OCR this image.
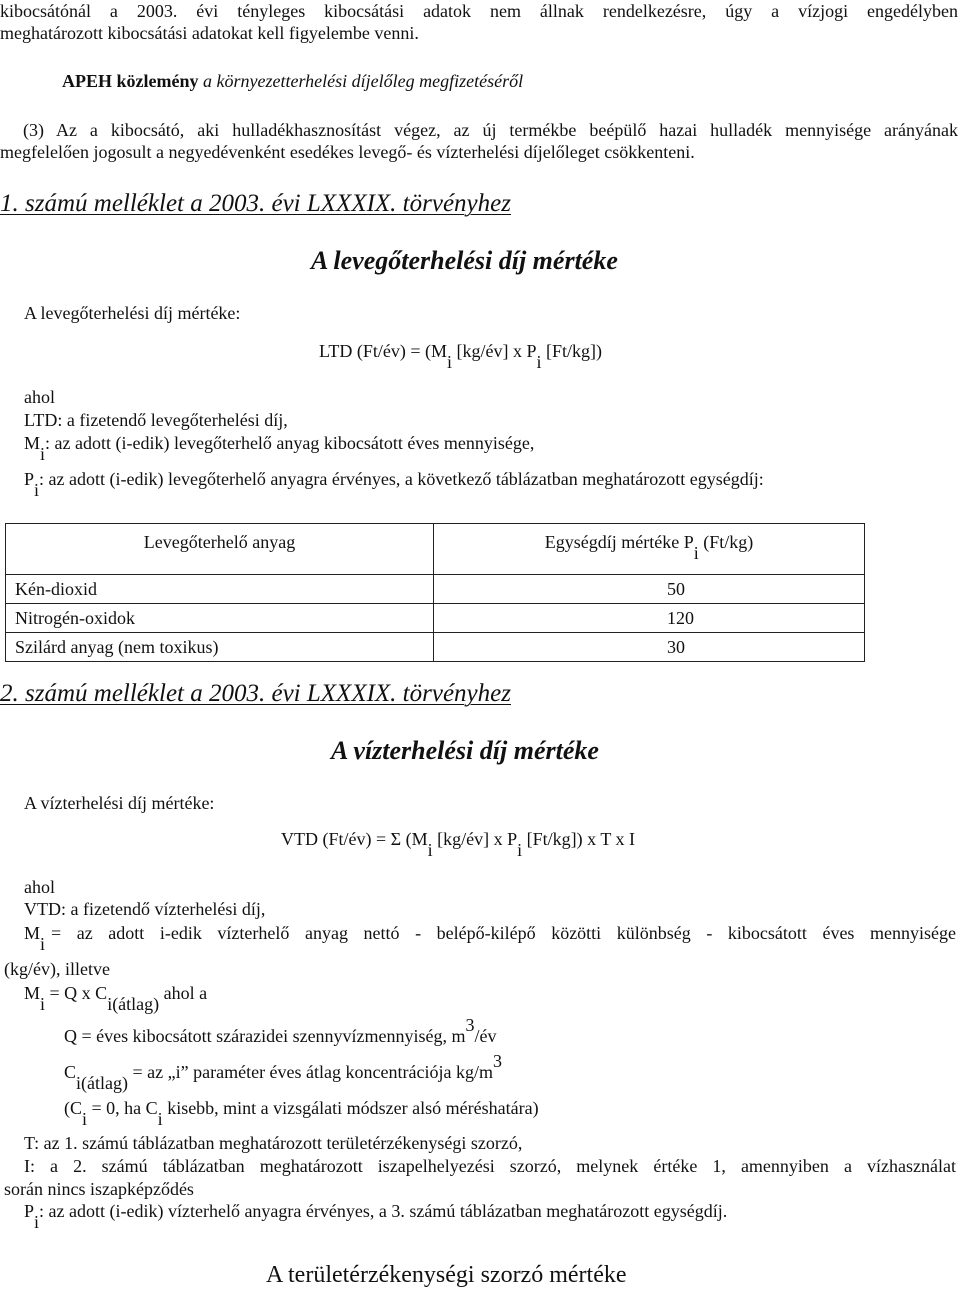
kibocsátónál a 2003. évi tényleges kibocsátási adatok nem állnak rendelkezésre, úgy a vízjogi engedélyben
meghatározott kibocsátási adatokat kell figyelembe venni.
APEH közlemény a környezetterhelési díjelőleg megfizetéséről
(3) Az a kibocsátó, aki hulladékhasznosítást végez, az új termékbe beépülő hazai hulladék mennyisége arányának
megfelelően jogosult a negyedévenként esedékes levegő- és vízterhelési díjelőleget csökkenteni.
1. számú melléklet a 2003. évi LXXXIX. törvényhez
A levegőterhelési díj mértéke
A levegőterhelési díj mértéke:
LTD (Ft/év) = (Mi [kg/év] x Pi [Ft/kg])
ahol
LTD: a fizetendő levegőterhelési díj,
Mi: az adott (i-edik) levegőterhelő anyag kibocsátott éves mennyisége,
Pi: az adott (i-edik) levegőterhelő anyagra érvényes, a következő táblázatban meghatározott egységdíj:
Levegőterhelő anyag	Egységdíj mértéke Pi (Ft/kg)
Kén-dioxid	50
Nitrogén-oxidok	120
Szilárd anyag (nem toxikus)	30
2. számú melléklet a 2003. évi LXXXIX. törvényhez
A vízterhelési díj mértéke
A vízterhelési díj mértéke:
VTD (Ft/év) = Σ (Mi [kg/év] x Pi [Ft/kg]) x T x I
ahol
VTD: a fizetendő vízterhelési díj,
M
i
= az adott i-edik vízterhelő anyag nettó - belépő-kilépő közötti különbség - kibocsátott éves mennyisége
(kg/év), illetve
Mi = Q x Ci(átlag) ahol a
Q = éves kibocsátott szárazidei szennyvízmennyiség, m3/év
Ci(átlag) = az „i” paraméter éves átlag koncentrációja kg/m3
(Ci = 0, ha Ci kisebb, mint a vizsgálati módszer alsó méréshatára)
T: az 1. számú táblázatban meghatározott területérzékenységi szorzó,
I: a 2. számú táblázatban meghatározott iszapelhelyezési szorzó, melynek értéke 1, amennyiben a vízhasználat
során nincs iszapképződés
Pi: az adott (i-edik) vízterhelő anyagra érvényes, a 3. számú táblázatban meghatározott egységdíj.
A területérzékenységi szorzó mértéke
